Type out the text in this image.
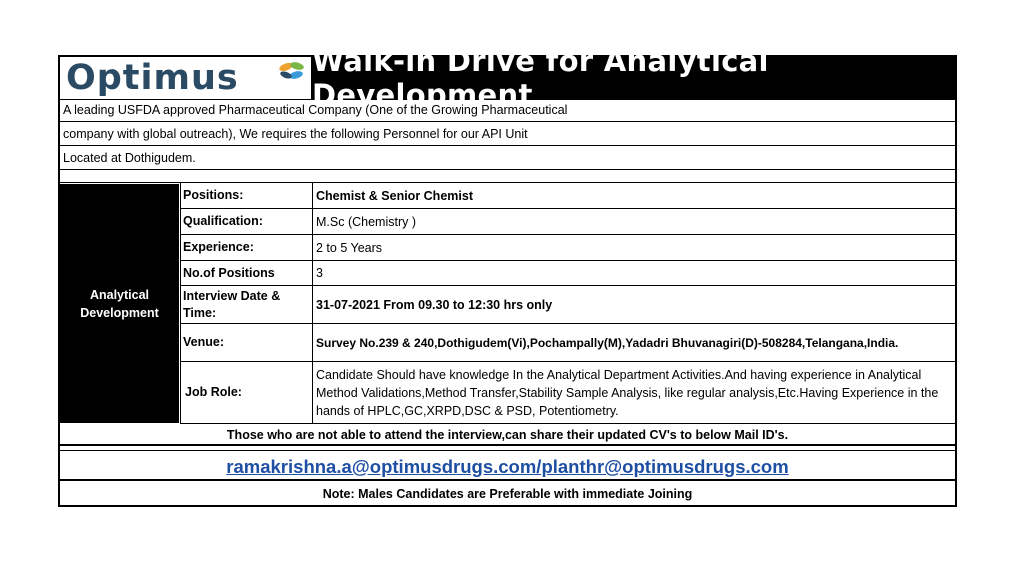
Optimus	Walk-in Drive for Analytical Development
A leading USFDA approved Pharmaceutical Company (One of the Growing Pharmaceutical
company with global outreach), We requires the following Personnel for our API Unit
Located at Dothigudem.
Analytical
Development
Positions:	Chemist & Senior Chemist
Qualification:	M.Sc (Chemistry )
Experience:	2 to 5 Years
No.of Positions	3
Interview Date & Time:
31-07-2021 From 09.30 to 12:30 hrs only
Venue:	Survey No.239 & 240,Dothigudem(Vi),Pochampally(M),Yadadri Bhuvanagiri(D)-508284,Telangana,India.
Job Role:
Candidate Should have knowledge In the Analytical Department Activities.And having experience in Analytical Method Validations,Method Transfer,Stability Sample Analysis, like regular analysis,Etc.Having Experience in the hands of HPLC,GC,XRPD,DSC & PSD, Potentiometry.
Those who are not able to attend the interview,can share their updated CV's to below Mail ID's.
ramakrishna.a@optimusdrugs.com/planthr@optimusdrugs.com
Note: Males Candidates are Preferable with immediate Joining
